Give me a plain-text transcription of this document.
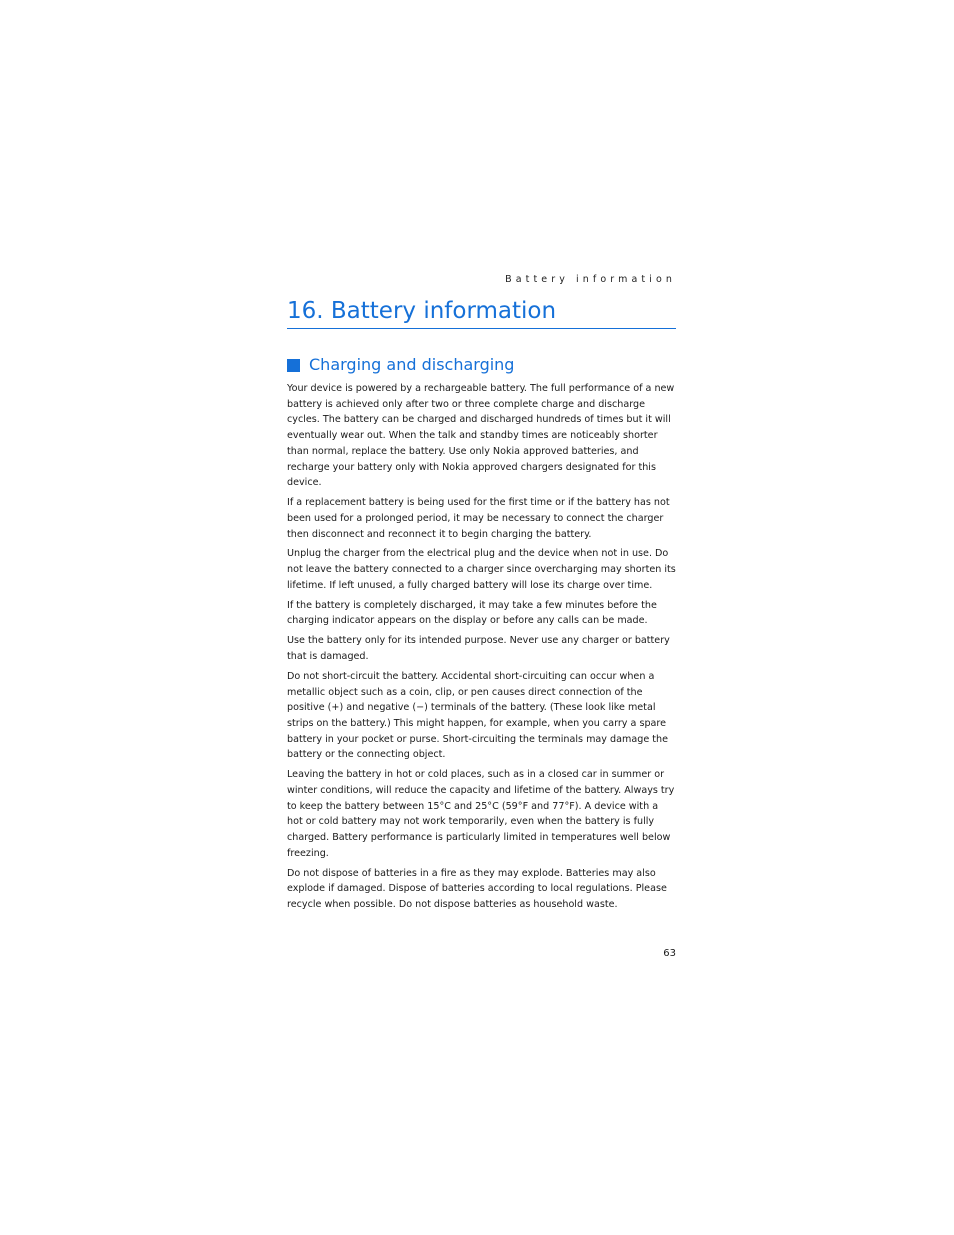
Battery information
16. Battery information
Charging and discharging

Your device is powered by a rechargeable battery. The full performance of a new battery is achieved only after two or three complete charge and discharge cycles. The battery can be charged and discharged hundreds of times but it will eventually wear out. When the talk and standby times are noticeably shorter than normal, replace the battery. Use only Nokia approved batteries, and recharge your battery only with Nokia approved chargers designated for this device.

If a replacement battery is being used for the first time or if the battery has not been used for a prolonged period, it may be necessary to connect the charger then disconnect and reconnect it to begin charging the battery.

Unplug the charger from the electrical plug and the device when not in use. Do not leave the battery connected to a charger since overcharging may shorten its lifetime. If left unused, a fully charged battery will lose its charge over time.

If the battery is completely discharged, it may take a few minutes before the charging indicator appears on the display or before any calls can be made.

Use the battery only for its intended purpose. Never use any charger or battery that is damaged.

Do not short-circuit the battery. Accidental short-circuiting can occur when a metallic object such as a coin, clip, or pen causes direct connection of the positive (+) and negative (−) terminals of the battery. (These look like metal strips on the battery.) This might happen, for example, when you carry a spare battery in your pocket or purse. Short-circuiting the terminals may damage the battery or the connecting object.

Leaving the battery in hot or cold places, such as in a closed car in summer or winter conditions, will reduce the capacity and lifetime of the battery. Always try to keep the battery between 15°C and 25°C (59°F and 77°F). A device with a hot or cold battery may not work temporarily, even when the battery is fully charged. Battery performance is particularly limited in temperatures well below freezing.

Do not dispose of batteries in a fire as they may explode. Batteries may also explode if damaged. Dispose of batteries according to local regulations. Please recycle when possible. Do not dispose batteries as household waste.

63
